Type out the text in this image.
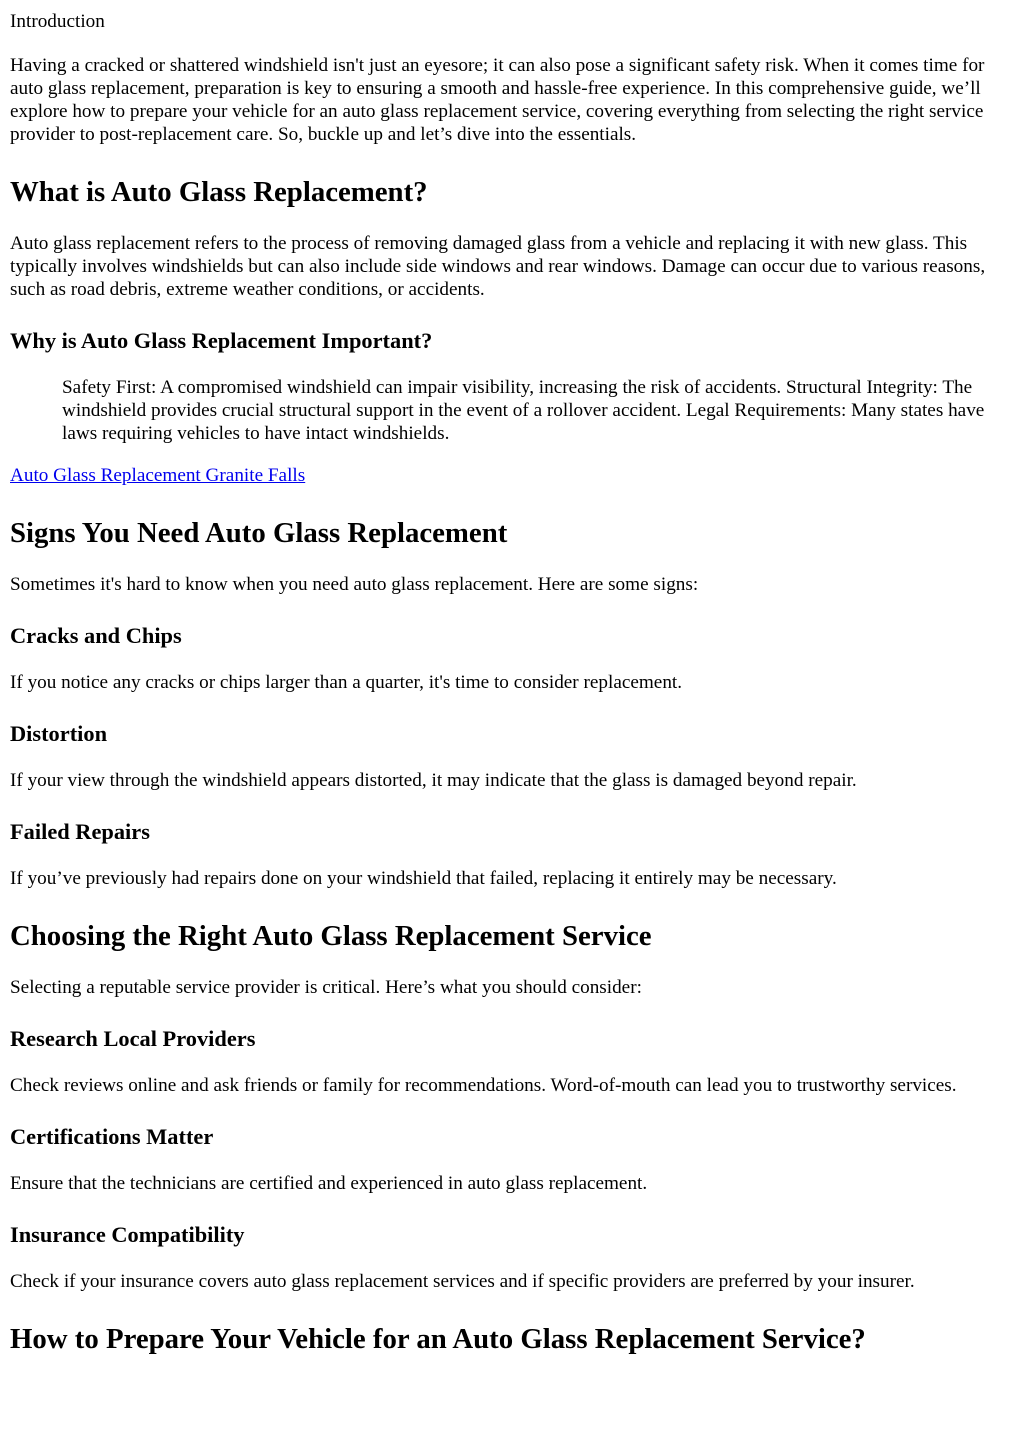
Introduction

Having a cracked or shattered windshield isn't just an eyesore; it can also pose a significant safety risk. When it comes time for auto glass replacement, preparation is key to ensuring a smooth and hassle-free experience. In this comprehensive guide, we’ll explore how to prepare your vehicle for an auto glass replacement service, covering everything from selecting the right service provider to post-replacement care. So, buckle up and let’s dive into the essentials.

What is Auto Glass Replacement?

Auto glass replacement refers to the process of removing damaged glass from a vehicle and replacing it with new glass. This typically involves windshields but can also include side windows and rear windows. Damage can occur due to various reasons, such as road debris, extreme weather conditions, or accidents.

Why is Auto Glass Replacement Important?
Safety First: A compromised windshield can impair visibility, increasing the risk of accidents. Structural Integrity: The windshield provides crucial structural support in the event of a rollover accident. Legal Requirements: Many states have laws requiring vehicles to have intact windshields.
Auto Glass Replacement Granite Falls
Signs You Need Auto Glass Replacement

Sometimes it's hard to know when you need auto glass replacement. Here are some signs:

Cracks and Chips

If you notice any cracks or chips larger than a quarter, it's time to consider replacement.

Distortion

If your view through the windshield appears distorted, it may indicate that the glass is damaged beyond repair.

Failed Repairs

If you’ve previously had repairs done on your windshield that failed, replacing it entirely may be necessary.

Choosing the Right Auto Glass Replacement Service

Selecting a reputable service provider is critical. Here’s what you should consider:

Research Local Providers

Check reviews online and ask friends or family for recommendations. Word-of-mouth can lead you to trustworthy services.

Certifications Matter

Ensure that the technicians are certified and experienced in auto glass replacement.

Insurance Compatibility

Check if your insurance covers auto glass replacement services and if specific providers are preferred by your insurer.

How to Prepare Your Vehicle for an Auto Glass Replacement Service?
